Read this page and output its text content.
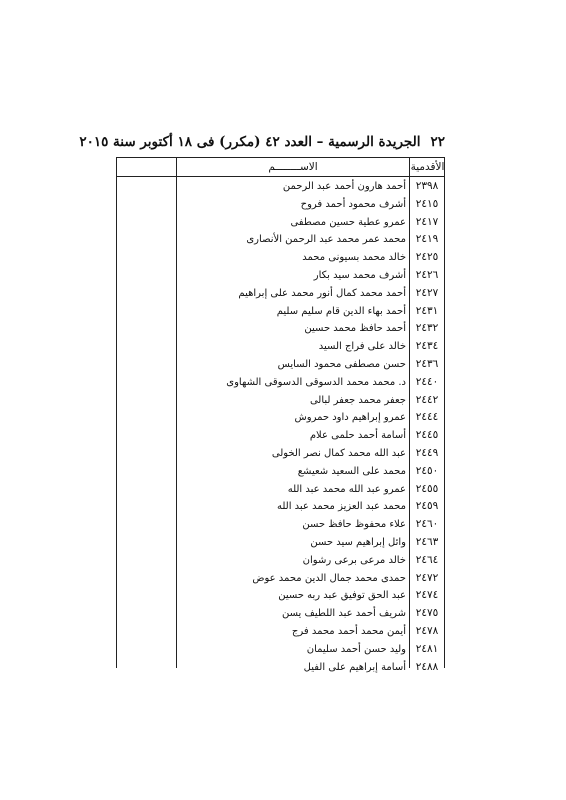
٢٢
الجريدة الرسمية – العدد ٤٢ (مكرر) فى ١٨ أكتوبر سنة ٢٠١٥
الأقدمية
الاســــــــم
٢٣٩٨
أحمد هارون أحمد عبد الرحمن
٢٤١٥
أشرف محمود أحمد فروح
٢٤١٧
عمرو عطية حسين مصطفى
٢٤١٩
محمد عمر محمد عبد الرحمن الأنصارى
٢٤٢٥
خالد محمد بسيونى محمد
٢٤٢٦
أشرف محمد سيد بكار
٢٤٢٧
أحمد محمد كمال أنور محمد على إبراهيم
٢٤٣١
أحمد بهاء الدين قام سليم سليم
٢٤٣٢
أحمد حافظ محمد حسين
٢٤٣٤
خالد على فراج السيد
٢٤٣٦
حسن مصطفى محمود السايس
٢٤٤٠
د. محمد محمد الدسوقى الدسوقى الشهاوى
٢٤٤٢
جعفر محمد جعفر لبالى
٢٤٤٤
عمرو إبراهيم داود حمروش
٢٤٤٥
أسامة أحمد حلمى علام
٢٤٤٩
عبد الله محمد كمال نصر الخولى
٢٤٥٠
محمد على السعيد شعيشع
٢٤٥٥
عمرو عبد الله محمد عبد الله
٢٤٥٩
محمد عبد العزيز محمد عبد الله
٢٤٦٠
علاء محفوظ حافظ حسن
٢٤٦٣
وائل إبراهيم سيد حسن
٢٤٦٤
خالد مرعى برعى رشوان
٢٤٧٢
حمدى محمد جمال الدين محمد عوض
٢٤٧٤
عبد الحق توفيق عبد ربه حسين
٢٤٧٥
شريف أحمد عبد اللطيف يسن
٢٤٧٨
أيمن محمد أحمد محمد فرج
٢٤٨١
وليد حسن أحمد سليمان
٢٤٨٨
أسامة إبراهيم على الفيل
